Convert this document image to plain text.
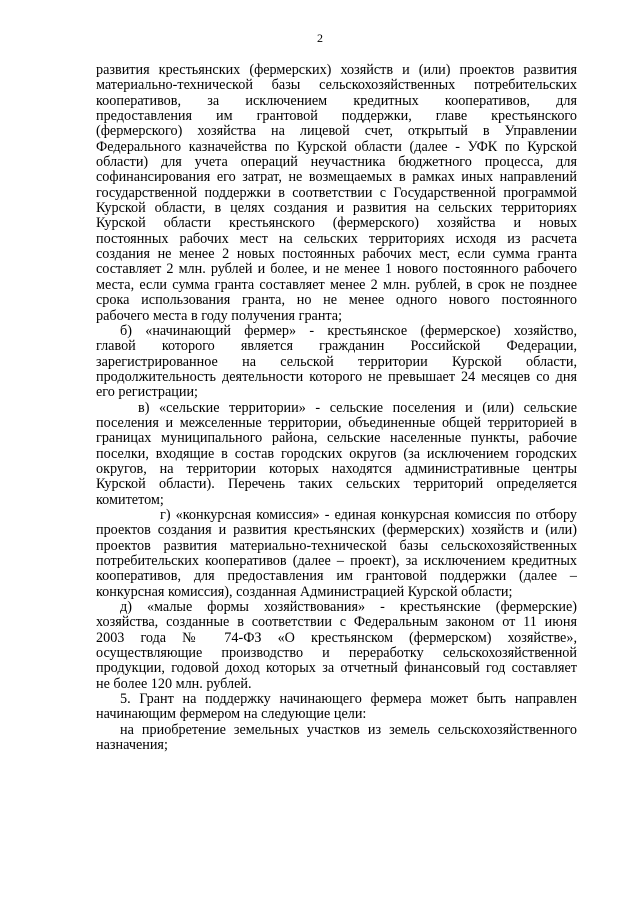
2
развития крестьянских (фермерских) хозяйств и (или) проектов развития
материально-технической базы сельскохозяйственных потребительских
кооперативов, за исключением кредитных кооперативов, для
предоставления им грантовой поддержки, главе крестьянского
(фермерского) хозяйства на лицевой счет, открытый в Управлении
Федерального казначейства по Курской области (далее - УФК по Курской
области) для учета операций неучастника бюджетного процесса, для
софинансирования его затрат, не возмещаемых в рамках иных направлений
государственной поддержки в соответствии с Государственной программой
Курской области, в целях создания и развития на сельских территориях
Курской области крестьянского (фермерского) хозяйства и новых
постоянных рабочих мест на сельских территориях исходя из расчета
создания не менее 2 новых постоянных рабочих мест, если сумма гранта
составляет 2 млн. рублей и более, и не менее 1 нового постоянного рабочего
места, если сумма гранта составляет менее 2 млн. рублей, в срок не позднее
срока использования гранта, но не менее одного нового постоянного
рабочего места в году получения гранта;
б) «начинающий фермер» - крестьянское (фермерское) хозяйство,
главой которого является гражданин Российской Федерации,
зарегистрированное на сельской территории Курской области,
продолжительность деятельности которого не превышает 24 месяцев со дня
его регистрации;
в) «сельские территории» - сельские поселения и (или) сельские
поселения и межселенные территории, объединенные общей территорией в
границах муниципального района, сельские населенные пункты, рабочие
поселки, входящие в состав городских округов (за исключением городских
округов, на территории которых находятся административные центры
Курской области). Перечень таких сельских территорий определяется
комитетом;
г) «конкурсная комиссия» - единая конкурсная комиссия по отбору
проектов создания и развития крестьянских (фермерских) хозяйств и (или)
проектов развития материально-технической базы сельскохозяйственных
потребительских кооперативов (далее – проект), за исключением кредитных
кооперативов, для предоставления им грантовой поддержки (далее –
конкурсная комиссия), созданная Администрацией Курской области;
д) «малые формы хозяйствования» - крестьянские (фермерские)
хозяйства, созданные в соответствии с Федеральным законом от 11 июня
2003 года № 74-ФЗ «О крестьянском (фермерском) хозяйстве»,
осуществляющие производство и переработку сельскохозяйственной
продукции, годовой доход которых за отчетный финансовый год составляет
не более 120 млн. рублей.
5. Грант на поддержку начинающего фермера может быть направлен
начинающим фермером на следующие цели:
на приобретение земельных участков из земель сельскохозяйственного
назначения;
